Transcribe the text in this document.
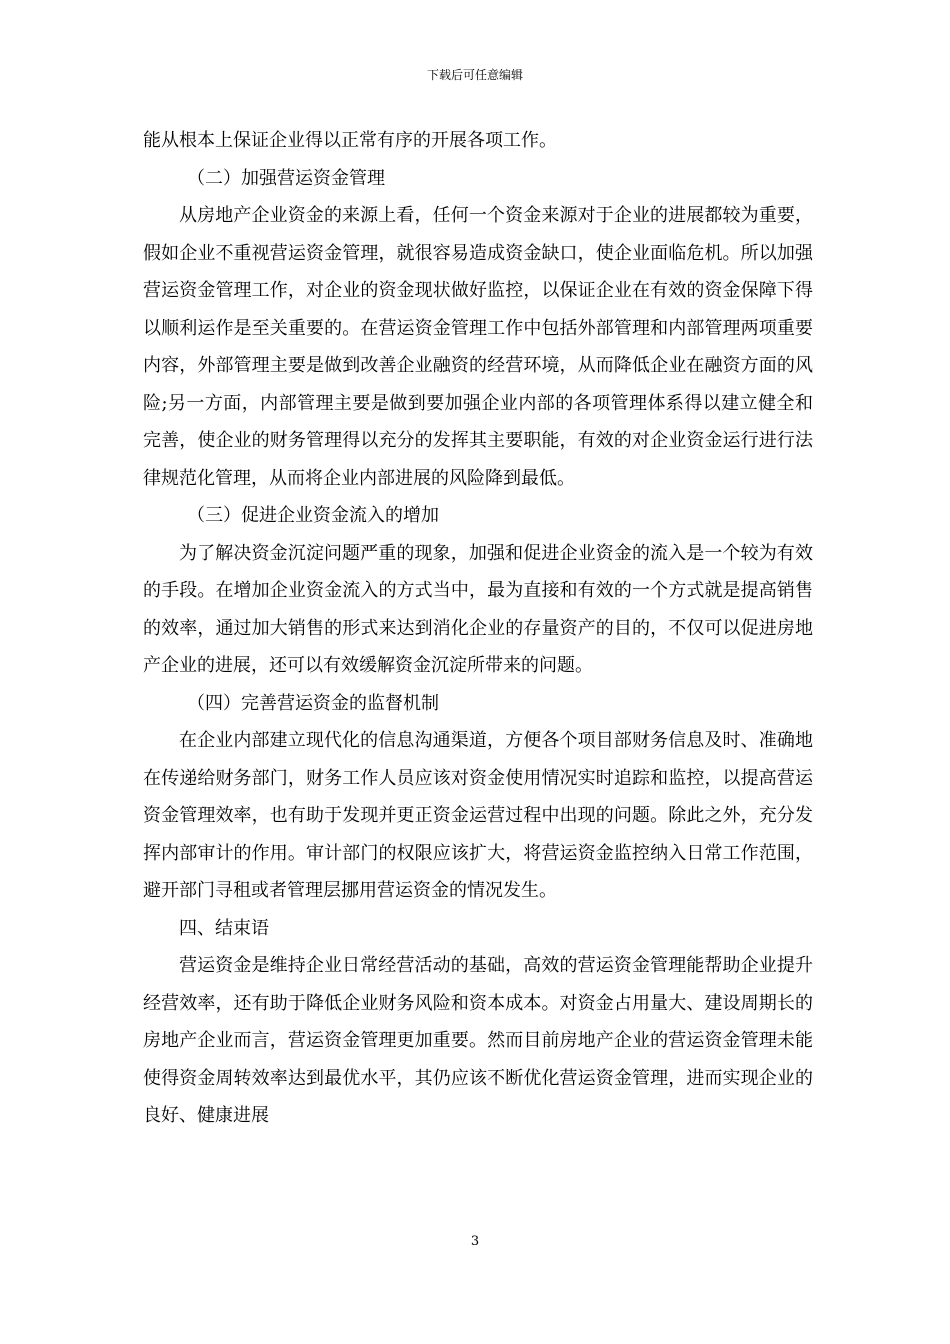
下载后可任意编辑

能从根本上保证企业得以正常有序的开展各项工作。

（二）加强营运资金管理

从房地产企业资金的来源上看，任何一个资金来源对于企业的进展都较为重要，假如企业不重视营运资金管理，就很容易造成资金缺口，使企业面临危机。所以加强营运资金管理工作，对企业的资金现状做好监控，以保证企业在有效的资金保障下得以顺利运作是至关重要的。在营运资金管理工作中包括外部管理和内部管理两项重要内容，外部管理主要是做到改善企业融资的经营环境，从而降低企业在融资方面的风险;另一方面，内部管理主要是做到要加强企业内部的各项管理体系得以建立健全和完善，使企业的财务管理得以充分的发挥其主要职能，有效的对企业资金运行进行法律规范化管理，从而将企业内部进展的风险降到最低。

（三）促进企业资金流入的增加

为了解决资金沉淀问题严重的现象，加强和促进企业资金的流入是一个较为有效的手段。在增加企业资金流入的方式当中，最为直接和有效的一个方式就是提高销售的效率，通过加大销售的形式来达到消化企业的存量资产的目的，不仅可以促进房地产企业的进展，还可以有效缓解资金沉淀所带来的问题。

（四）完善营运资金的监督机制

在企业内部建立现代化的信息沟通渠道，方便各个项目部财务信息及时、准确地在传递给财务部门，财务工作人员应该对资金使用情况实时追踪和监控，以提高营运资金管理效率，也有助于发现并更正资金运营过程中出现的问题。除此之外，充分发挥内部审计的作用。审计部门的权限应该扩大，将营运资金监控纳入日常工作范围，避开部门寻租或者管理层挪用营运资金的情况发生。

四、结束语

营运资金是维持企业日常经营活动的基础，高效的营运资金管理能帮助企业提升经营效率，还有助于降低企业财务风险和资本成本。对资金占用量大、建设周期长的房地产企业而言，营运资金管理更加重要。然而目前房地产企业的营运资金管理未能使得资金周转效率达到最优水平，其仍应该不断优化营运资金管理，进而实现企业的良好、健康进展

3
